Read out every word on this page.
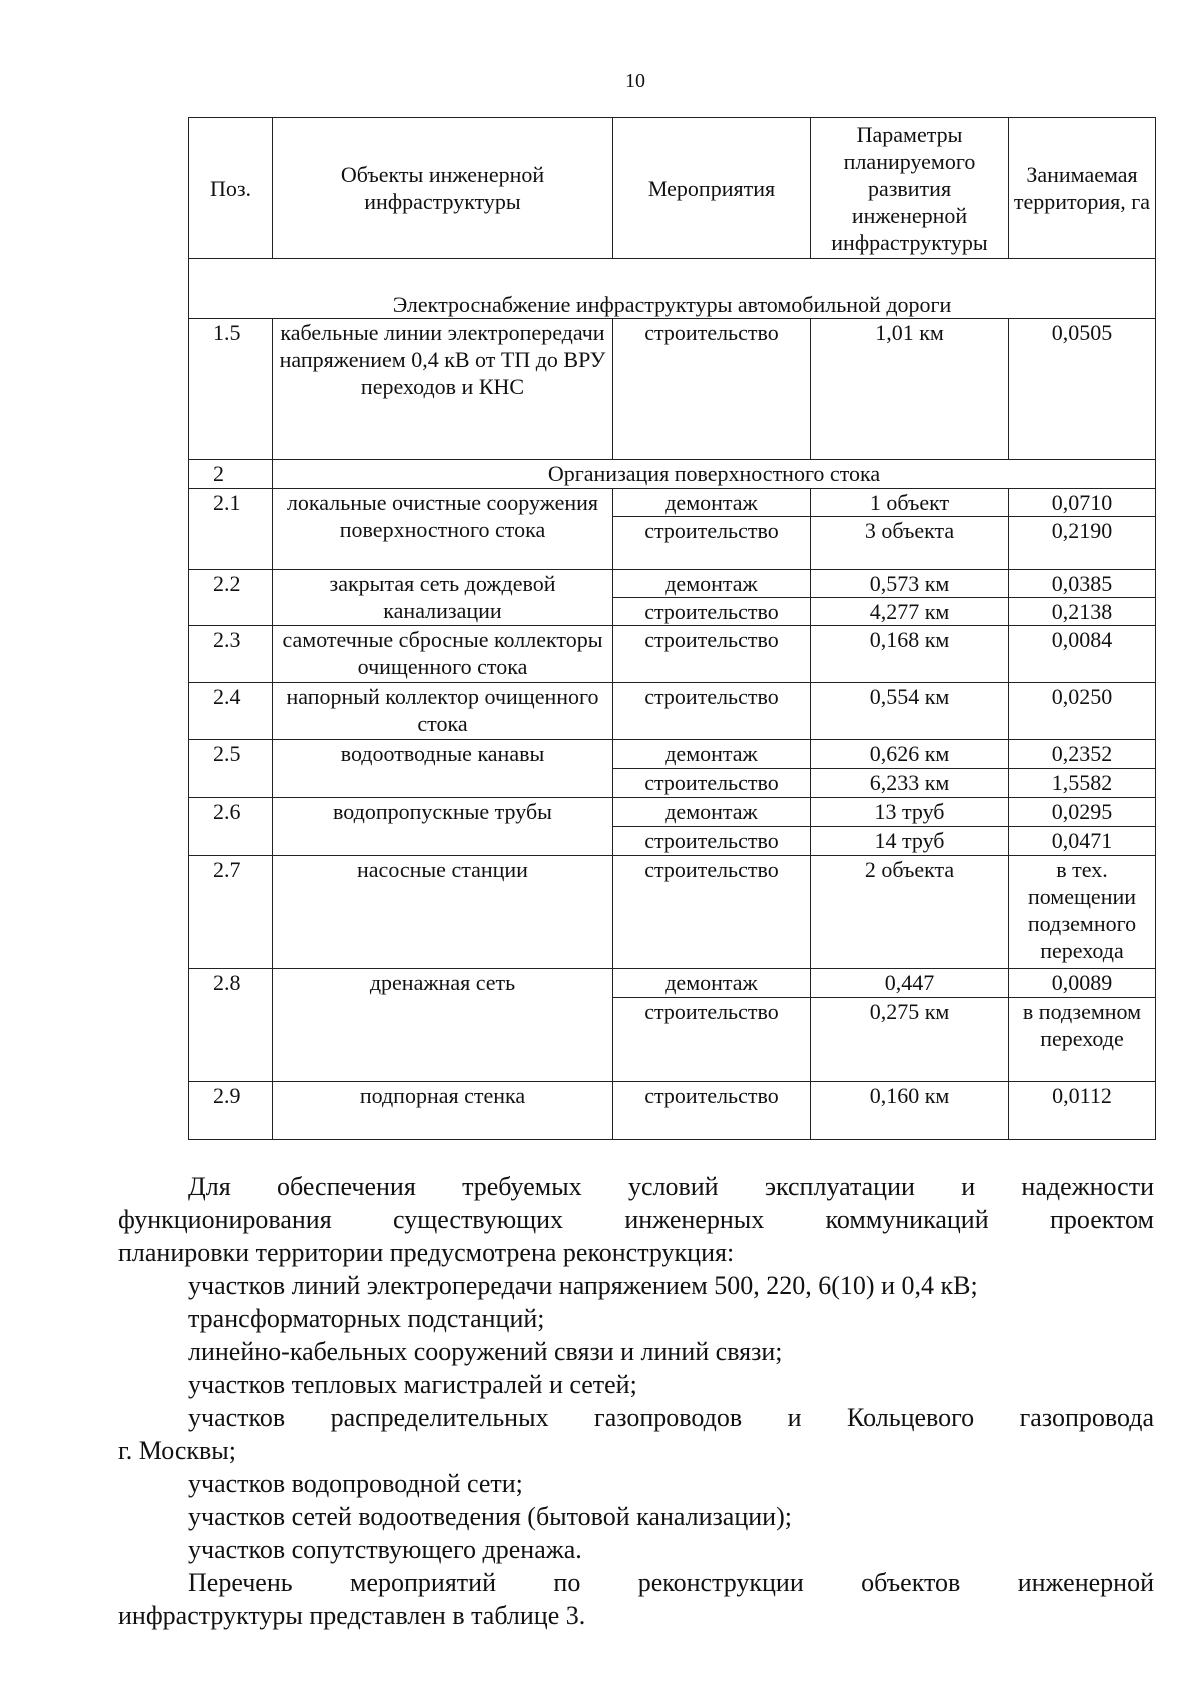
10
Поз.	Объекты инженерной инфраструктуры	Мероприятия	Параметры планируемого развития инженерной инфраструктуры	Занимаемая территория, га
Электроснабжение инфраструктуры автомобильной дороги				
1.5	кабельные линии электропередачи напряжением 0,4 кВ от ТП до ВРУ переходов и КНС	строительство	1,01 км	0,0505
2	Организация поверхностного стока			
2.1	локальные очистные сооружения поверхностного стока	демонтаж	1 объект	0,0710
		строительство	3 объекта	0,2190
2.2	закрытая сеть дождевой канализации	демонтаж	0,573 км	0,0385
		строительство	4,277 км	0,2138
2.3	самотечные сбросные коллекторы очищенного стока	строительство	0,168 км	0,0084
2.4	напорный коллектор очищенного стока	строительство	0,554 км	0,0250
2.5	водоотводные канавы	демонтаж	0,626 км	0,2352
		строительство	6,233 км	1,5582
2.6	водопропускные трубы	демонтаж	13 труб	0,0295
		строительство	14 труб	0,0471
2.7	насосные станции	строительство	2 объекта	в тех. помещении подземного перехода
2.8	дренажная сеть	демонтаж	0,447	0,0089
		строительство	0,275 км	в подземном переходе
2.9	подпорная стенка	строительство	0,160 км	0,0112

Для обеспечения требуемых условий эксплуатации и надежности

функционирования существующих инженерных коммуникаций проектом

планировки территории предусмотрена реконструкция:

участков линий электропередачи напряжением 500, 220, 6(10) и 0,4 кВ;

трансформаторных подстанций;

линейно-кабельных сооружений связи и линий связи;

участков тепловых магистралей и сетей;

участков распределительных газопроводов и Кольцевого газопровода

г. Москвы;

участков водопроводной сети;

участков сетей водоотведения (бытовой канализации);

участков сопутствующего дренажа.

Перечень мероприятий по реконструкции объектов инженерной

инфраструктуры представлен в таблице 3.
